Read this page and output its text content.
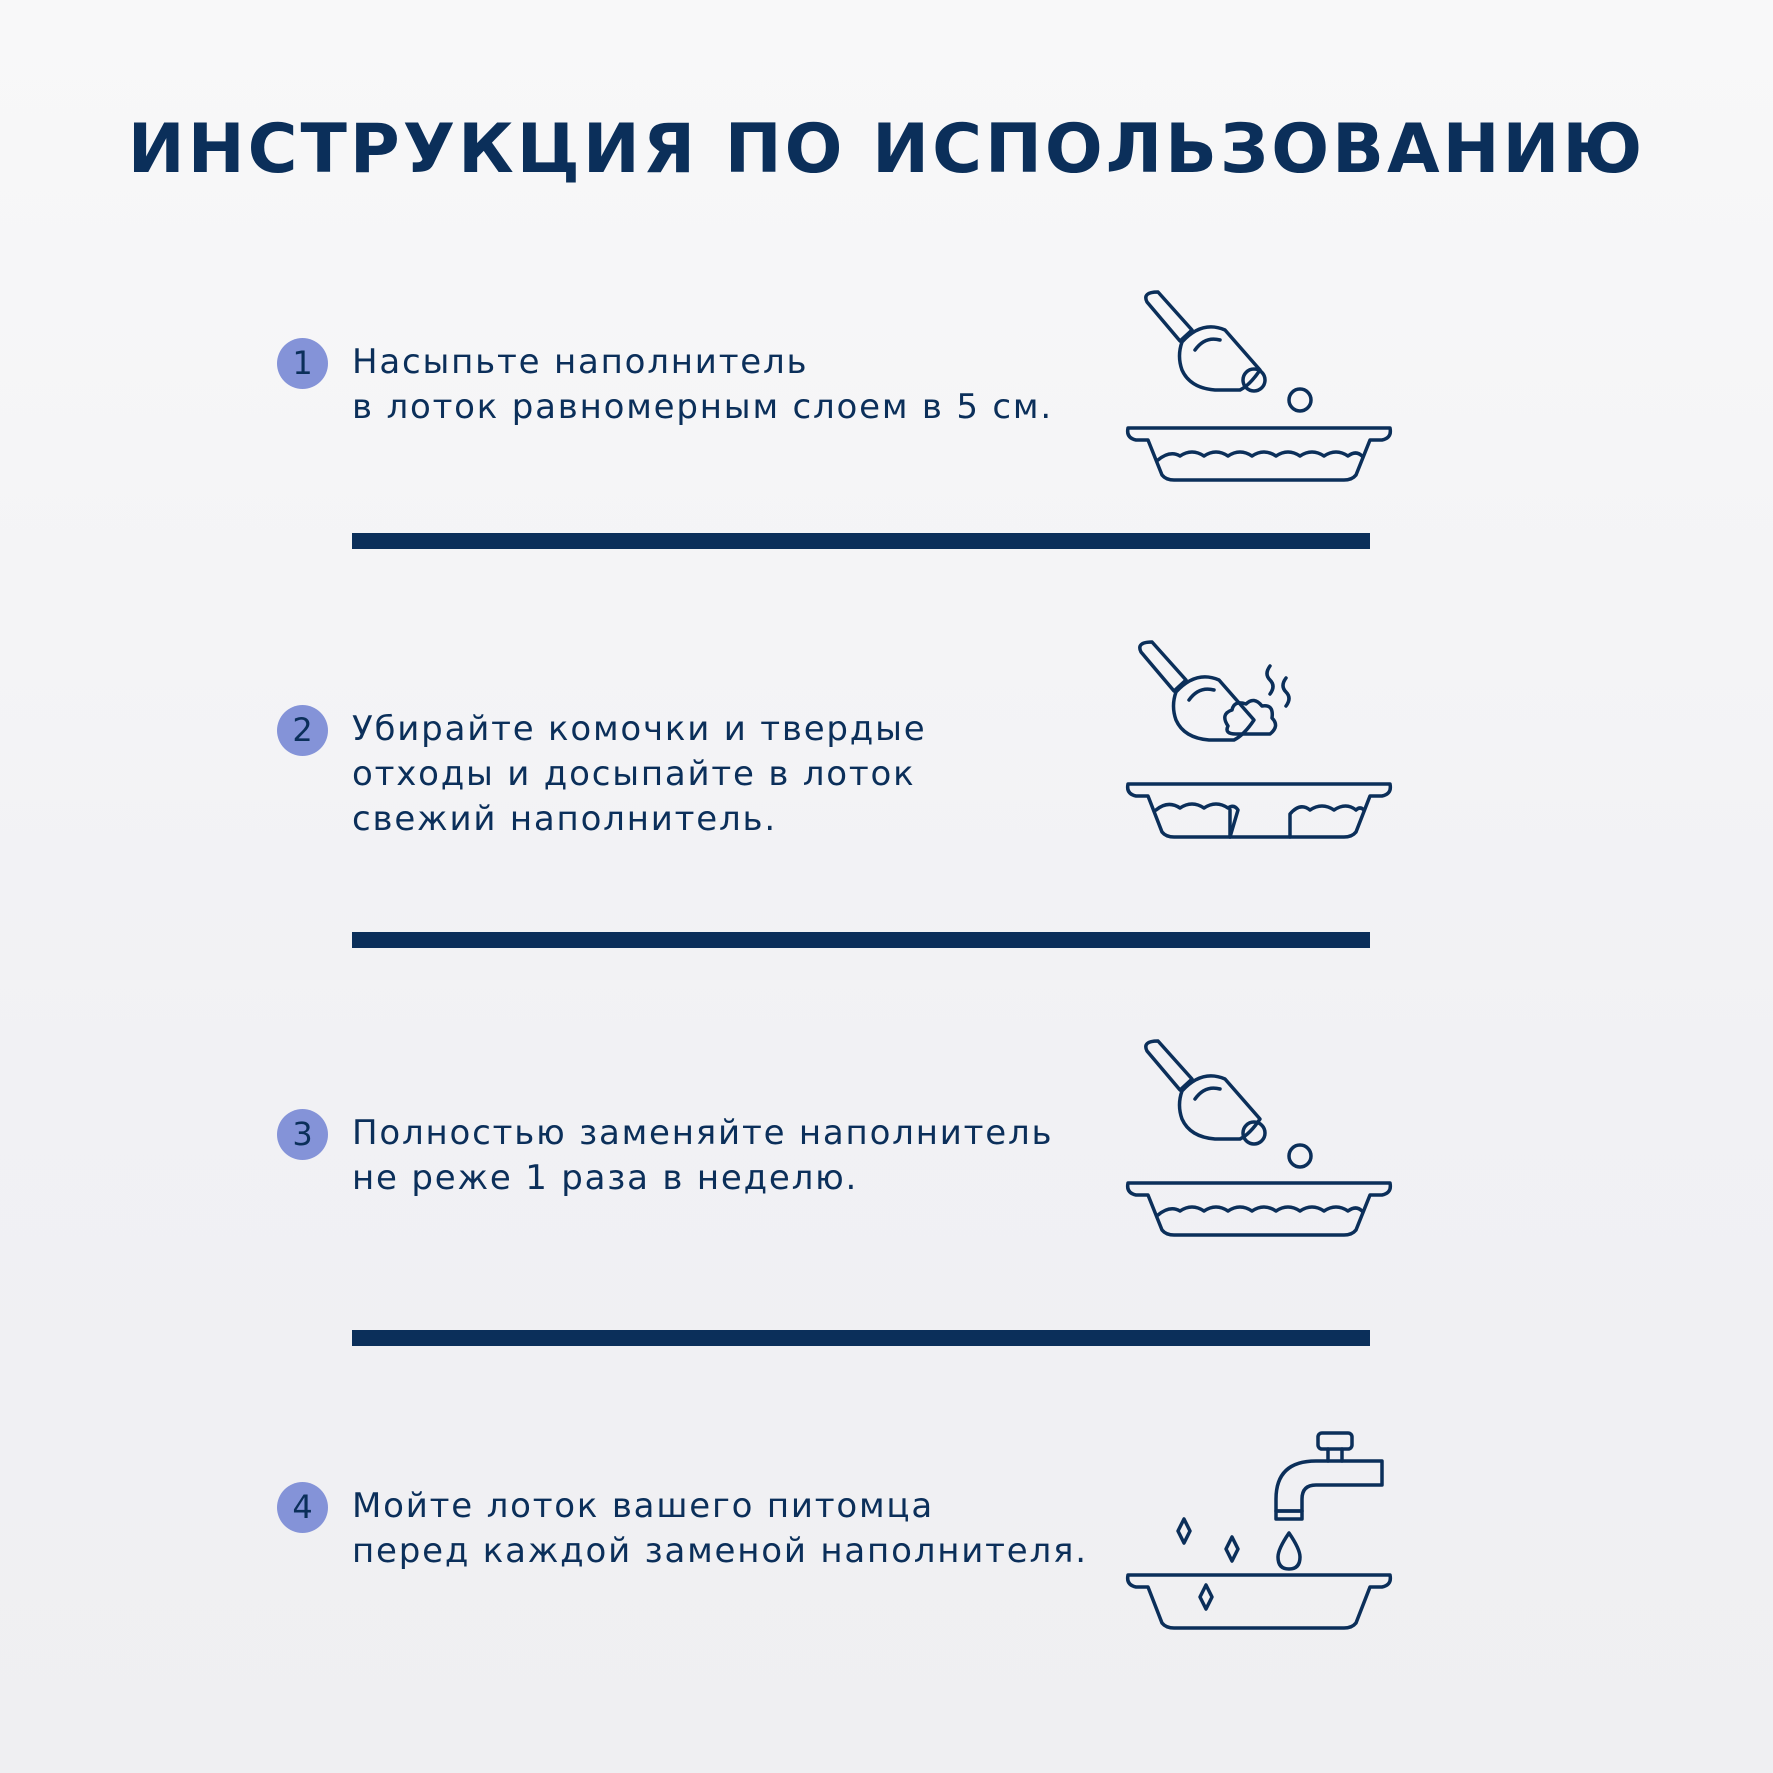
ИНСТРУКЦИЯ ПО ИСПОЛЬЗОВАНИЮ
1	Насыпьте наполнитель
в лоток равномерным слоем в 5 см.
2	Убирайте комочки и твердые
отходы и досыпайте в лоток
свежий наполнитель.
3	Полностью заменяйте наполнитель
не реже 1 раза в неделю.
4	Мойте лоток вашего питомца
перед каждой заменой наполнителя.
